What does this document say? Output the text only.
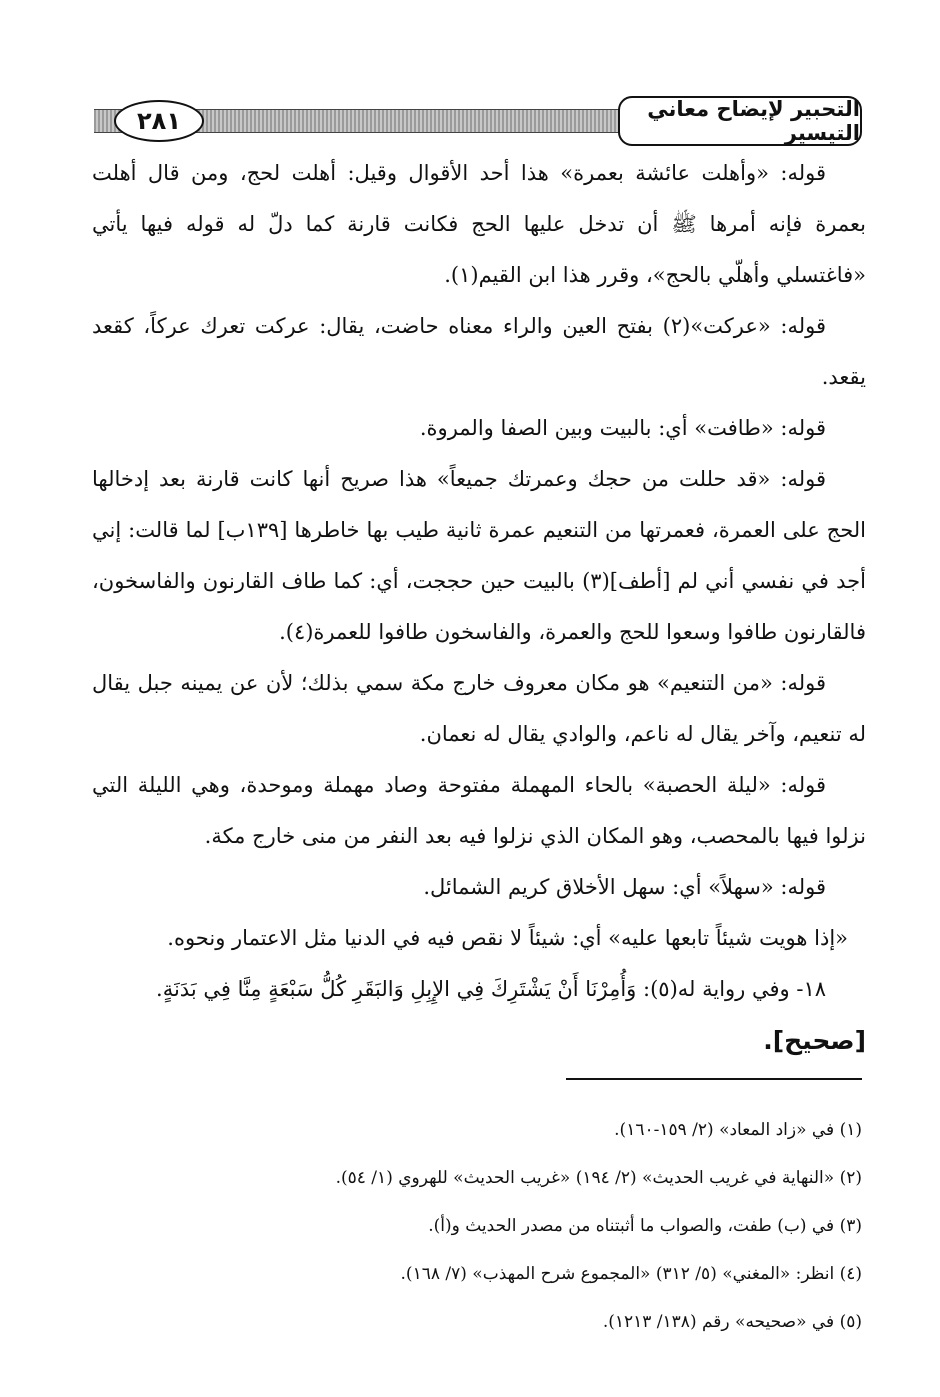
٢٨١	التحبير لإيضاح معاني التيسير

قوله: «وأهلت عائشة بعمرة» هذا أحد الأقوال وقيل: أهلت لحج، ومن قال أهلت بعمرة فإنه أمرها ﷺ أن تدخل عليها الحج فكانت قارنة كما دلّ له قوله فيها يأتي «فاغتسلي وأهلّي بالحج»، وقرر هذا ابن القيم(١).

قوله: «عركت»(٢) بفتح العين والراء معناه حاضت، يقال: عركت تعرك عركاً، كقعد يقعد.

قوله: «طافت» أي: بالبيت وبين الصفا والمروة.

قوله: «قد حللت من حجك وعمرتك جميعاً» هذا صريح أنها كانت قارنة بعد إدخالها الحج على العمرة، فعمرتها من التنعيم عمرة ثانية طيب بها خاطرها [١٣٩ب] لما قالت: إني أجد في نفسي أني لم [أطف](٣) بالبيت حين حججت، أي: كما طاف القارنون والفاسخون، فالقارنون طافوا وسعوا للحج والعمرة، والفاسخون طافوا للعمرة(٤).

قوله: «من التنعيم» هو مكان معروف خارج مكة سمي بذلك؛ لأن عن يمينه جبل يقال له تنعيم، وآخر يقال له ناعم، والوادي يقال له نعمان.

قوله: «ليلة الحصبة» بالحاء المهملة مفتوحة وصاد مهملة وموحدة، وهي الليلة التي نزلوا فيها بالمحصب، وهو المكان الذي نزلوا فيه بعد النفر من منى خارج مكة.

قوله: «سهلاً» أي: سهل الأخلاق كريم الشمائل.

«إذا هويت شيئاً تابعها عليه» أي: شيئاً لا نقص فيه في الدنيا مثل الاعتمار ونحوه.

١٨- وفي رواية له(٥): وَأُمِرْنَا أَنْ يَشْتَرِكَ فِي الإِبِلِ وَالبَقَرِ كُلُّ سَبْعَةٍ مِنَّا فِي بَدَنَةٍ.

[صحيح].

(١) في «زاد المعاد» (٢/ ١٥٩-١٦٠).

(٢) «النهاية في غريب الحديث» (٢/ ١٩٤) «غريب الحديث» للهروي (١/ ٥٤).

(٣) في (ب) طفت، والصواب ما أثبتناه من مصدر الحديث و(أ).

(٤) انظر: «المغني» (٥/ ٣١٢) «المجموع شرح المهذب» (٧/ ١٦٨).

(٥) في «صحيحه» رقم (١٣٨/ ١٢١٣).
